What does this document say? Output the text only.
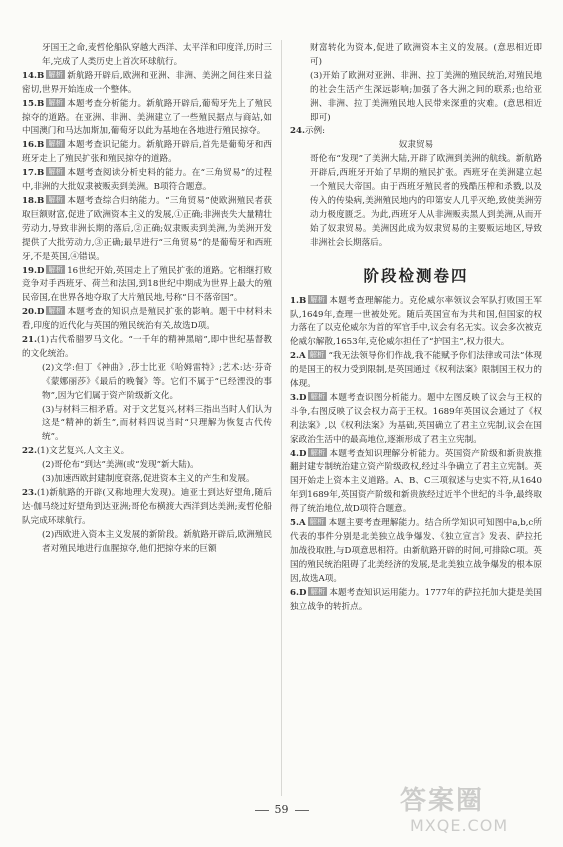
牙国王之命,麦哲伦船队穿越大西洋、太平洋和印度洋,历时三年,完成了人类历史上首次环球航行。

14.B 解析 新航路开辟后,欧洲和亚洲、非洲、美洲之间往来日益密切,世界开始连成一个整体。

15.B 解析 本题考查分析能力。新航路开辟后,葡萄牙先上了殖民掠夺的道路。在亚洲、非洲、美洲建立了一些殖民据点与商站,如中国澳门和马达加斯加,葡萄牙以此为基地在各地进行殖民掠夺。

16.B 解析 本题考查识记能力。新航路开辟后,首先是葡萄牙和西班牙走上了殖民扩张和殖民掠夺的道路。

17.B 解析 本题考查阅读分析史料的能力。在“三角贸易”的过程中,非洲的大批奴隶被贩卖到美洲。B项符合题意。

18.B 解析 本题考查综合归纳能力。“三角贸易”使欧洲殖民者获取巨额财富,促进了欧洲资本主义的发展,①正确;非洲丧失大量精壮劳动力,导致非洲长期的落后,②正确;奴隶贩卖到美洲,为美洲开发提供了大批劳动力,③正确;最早进行“三角贸易”的是葡萄牙和西班牙,不是英国,④错误。

19.D 解析 16世纪开始,英国走上了殖民扩张的道路。它相继打败竞争对手西班牙、荷兰和法国,到18世纪中期成为世界上最大的殖民帝国,在世界各地夺取了大片殖民地,号称“日不落帝国”。

20.D 解析 本题考查的知识点是殖民扩张的影响。题干中材料未看,印度的近代化与英国的殖民统治有关,故选D项。

21.(1)古代希腊罗马文化。“一千年的精神黑暗”,即中世纪基督教的文化统治。

(2)文学:但丁《神曲》,莎士比亚《哈姆雷特》;艺术:达·芬奇《蒙娜丽莎》《最后的晚餐》等。它们不属于“已经湮没的事物”,因为它们属于资产阶级新文化。

(3)与材料三相矛盾。对于文艺复兴,材料三指出当时人们认为这是“精神的新生”,而材料四说当时“只理解为恢复古代传统”。

22.(1)文艺复兴,人文主义。

(2)哥伦布“到达”美洲(或“发现”新大陆)。

(3)加速西欧封建制度衰落,促进资本主义的产生和发展。

23.(1)新航路的开辟(又称地理大发现)。迪亚士到达好望角,随后达·伽马绕过好望角到达亚洲;哥伦布横渡大西洋到达美洲;麦哲伦船队完成环球航行。

(2)西欧进入资本主义发展的新阶段。新航路开辟后,欧洲殖民者对殖民地进行血腥掠夺,他们把掠夺来的巨额

财富转化为资本,促进了欧洲资本主义的发展。(意思相近即可)

(3)开始了欧洲对亚洲、非洲、拉丁美洲的殖民统治,对殖民地的社会生活产生深远影响;加强了各大洲之间的联系;也给亚洲、非洲、拉丁美洲殖民地人民带来深重的灾难。(意思相近即可)

24.示例:

奴隶贸易

哥伦布“发现”了美洲大陆,开辟了欧洲到美洲的航线。新航路开辟后,西班牙开始了早期的殖民扩张。西班牙在美洲建立起一个殖民大帝国。由于西班牙殖民者的残酷压榨和杀戮,以及传入的传染病,美洲殖民地内的印第安人几乎灭绝,致使美洲劳动力极度匮乏。为此,西班牙人从非洲贩卖黑人到美洲,从而开始了奴隶贸易。美洲因此成为奴隶贸易的主要贩运地区,导致非洲社会长期落后。

阶段检测卷四

1.B 解析 本题考查理解能力。克伦威尔率领议会军队打败国王军队,1649年,查理一世被处死。随后英国宣布为共和国,但国家的权力落在了以克伦威尔为首的军官手中,议会有名无实。议会多次被克伦威尔解散,1653年,克伦威尔担任了“护国主”,权力很大。

2.A 解析 “我无法领导你们作战,我不能赋予你们法律或司法”体现的是国王的权力受到限制,是英国通过《权利法案》限制国王权力的体现。

3.D 解析 本题考查识图分析能力。题中左图反映了议会与王权的斗争,右图反映了议会权力高于王权。1689年英国议会通过了《权利法案》,以《权利法案》为基础,英国确立了君主立宪制,议会在国家政治生活中的最高地位,逐渐形成了君主立宪制。

4.D 解析 本题考查知识理解分析能力。英国资产阶级和新贵族推翻封建专制统治建立资产阶级政权,经过斗争确立了君主立宪制。英国开始走上资本主义道路。A、B、C三项叙述与史实不符,从1640年到1689年,英国资产阶级和新贵族经过近半个世纪的斗争,最终取得了统治地位,故D项符合题意。

5.A 解析 本题主要考查理解能力。结合所学知识可知图中a,b,c所代表的事件分别是北美独立战争爆发、《独立宣言》发表、萨拉托加战役取胜,与D项意思相符。由新航路开辟的时间,可排除C项。英国的殖民统治阻碍了北美经济的发展,是北美独立战争爆发的根本原因,故选A项。

6.D 解析 本题考查知识运用能力。1777年的萨拉托加大捷是美国独立战争的转折点。

59	答案圈
MXQE.COM
